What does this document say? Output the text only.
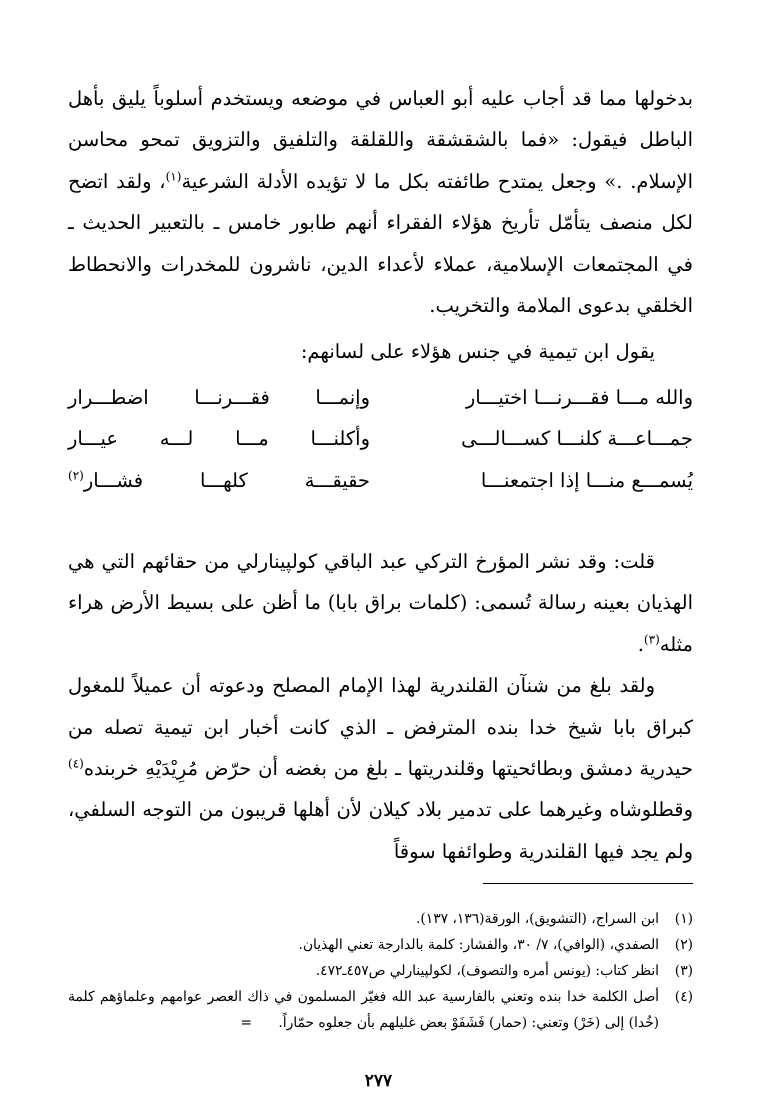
بدخولها مما قد أجاب عليه أبو العباس في موضعه ويستخدم أسلوباً يليق بأهل الباطل فيقول: «فما بالشقشقة واللقلقة والتلفيق والتزويق تمحو محاسن الإسلام. .» وجعل يمتدح طائفته بكل ما لا تؤيده الأدلة الشرعية$^{(١)}$، ولقد اتضح لكل منصف يتأمّل تأريخ هؤلاء الفقراء أنهم طابور خامس ـ بالتعبير الحديث ـ في المجتمعات الإسلامية، عملاء لأعداء الدين، ناشرون للمخدرات والانحطاط الخلقي بدعوى الملامة والتخريب.

يقول ابن تيمية في جنس هؤلاء على لسانهم:

والله مـــا فقـــرنـــا اختيـــار
وإنمـــا فقـــرنـــا اضطـــرار
جمـــاعـــة كلنـــا كســـالـــى
وأكلنـــا مـــا لـــه عيـــار
يُسمـــع منـــا إذا اجتمعنـــا
حقيقـــة كلهـــا فشـــار$^{(٢)}$

قلت: وقد نشر المؤرخ التركي عبد الباقي كولپينارلي من حقائهم التي هي الهذيان بعينه رسالة تُسمى: (كلمات براق بابا) ما أظن على بسيط الأرض هراء مثله$^{(٣)}$.

ولقد بلغ من شنآن القلندرية لهذا الإمام المصلح ودعوته أن عميلاً للمغول كبراق بابا شيخ خدا بنده المترفض ـ الذي كانت أخبار ابن تيمية تصله من حيدرية دمشق وبطائحيتها وقلندريتها ـ بلغ من بغضه أن حرّض مُرِيْدَيْهِ خربنده$^{(٤)}$ وقطلوشاه وغيرهما على تدمير بلاد كيلان لأن أهلها قريبون من التوجه السلفي، ولم يجد فيها القلندرية وطوائفها سوقاً

(١)
ابن السراج، (التشويق)، الورقة(١٣٦، ١٣٧).
(٢)
الصفدي، (الوافي)، ٧/ ٣٠، والفشار: كلمة بالدارجة تعني الهذيان.
(٣)
انظر كتاب: (يونس أمره والتصوف)، لكولپينارلي ص٤٥٧ـ٤٧٢.
(٤)
أصل الكلمة خدا بنده وتعني بالفارسية عبد الله فغيّر المسلمون في ذاك العصر عوامهم وعلماؤهم كلمة (خُدا) إلى (خَرْ) وتعني: (حمار) فَشَفَوْ بعض غليلهم بأن جعلوه حمّاراً.      =
٢٧٧
